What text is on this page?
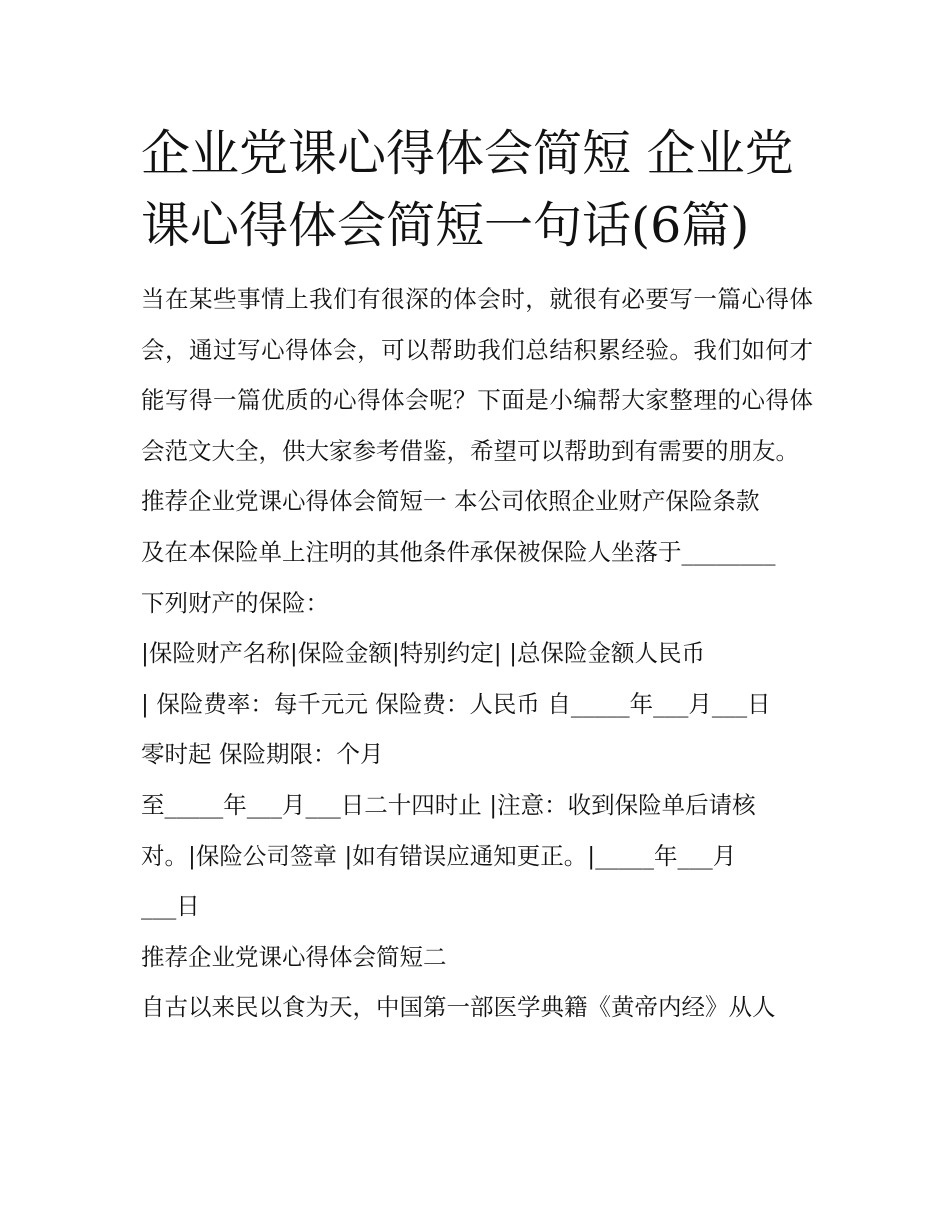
企业党课心得体会简短 企业党课心得体会简短一句话(6篇)

当在某些事情上我们有很深的体会时，就很有必要写一篇心得体会，通过写心得体会，可以帮助我们总结积累经验。我们如何才能写得一篇优质的心得体会呢？下面是小编帮大家整理的心得体会范文大全，供大家参考借鉴，希望可以帮助到有需要的朋友。

推荐企业党课心得体会简短一 本公司依照企业财产保险条款
及在本保险单上注明的其他条件承保被保险人坐落于________
下列财产的保险：
|保险财产名称|保险金额|特别约定| |总保险金额人民币
| 保险费率：每千元元 保险费：人民币 自_____年___月___日
零时起 保险期限：个月
至_____年___月___日二十四时止 |注意：收到保险单后请核
对。|保险公司签章 |如有错误应通知更正。|_____年___月
___日
推荐企业党课心得体会简短二
自古以来民以食为天，中国第一部医学典籍《黄帝内经》从人
